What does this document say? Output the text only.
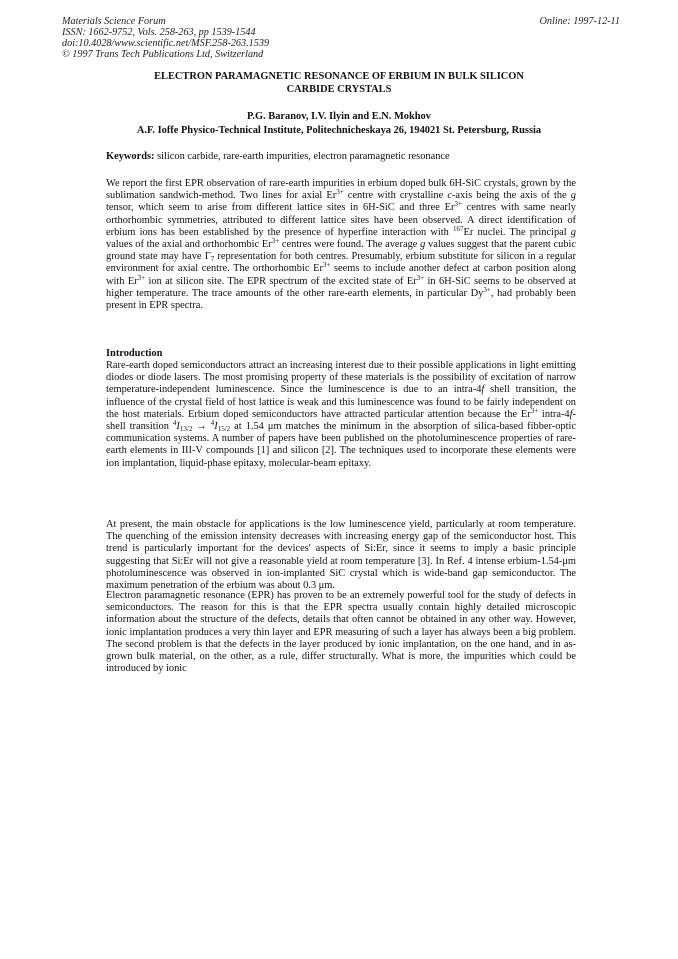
Materials Science Forum
ISSN: 1662-9752, Vols. 258-263, pp 1539-1544
doi:10.4028/www.scientific.net/MSF.258-263.1539
© 1997 Trans Tech Publications Ltd, Switzerland
Online: 1997-12-11
ELECTRON PARAMAGNETIC RESONANCE OF ERBIUM IN BULK SILICON
CARBIDE CRYSTALS
P.G. Baranov, I.V. Ilyin and E.N. Mokhov
A.F. Ioffe Physico-Technical Institute, Politechnicheskaya 26, 194021 St. Petersburg, Russia
Keywords: silicon carbide, rare-earth impurities, electron paramagnetic resonance
We report the first EPR observation of rare-earth impurities in erbium doped bulk 6H-SiC crystals, grown by the sublimation sandwich-method. Two lines for axial $Er^{3+}$ centre with crystalline c-axis being the axis of the g tensor, which seem to arise from different lattice sites in 6H-SiC and three $Er^{3+}$ centres with same nearly orthorhombic symmetries, attributed to different lattice sites have been observed. A direct identification of erbium ions has been established by the presence of hyperfine interaction with $^{167}$Er nuclei. The principal g values of the axial and orthorhombic $Er^{3+}$ centres were found. The average g values suggest that the parent cubic ground state may have $\Gamma_7$ representation for both centres. Presumably, erbium substitute for silicon in a regular environment for axial centre. The orthorhombic $Er^{3+}$ seems to include another defect at carbon position along with $Er^{3+}$ ion at silicon site. The EPR spectrum of the excited state of $Er^{3+}$ in 6H-SiC seems to be observed at higher temperature. The trace amounts of the other rare-earth elements, in particular $Dy^{3+}$, had probably been present in EPR spectra.
Introduction
Rare-earth doped semiconductors attract an increasing interest due to their possible applications in light emitting diodes or diode lasers. The most promising property of these materials is the possibility of excitation of narrow temperature-independent luminescence. Since the luminescence is due to an intra-4f shell transition, the influence of the crystal field of host lattice is weak and this luminescence was found to be fairly independent on the host materials. Erbium doped semiconductors have attracted particular attention because the $Er^{3+}$ intra-4f-shell transition $^4I_{13/2} \to ^4I_{15/2}$ at 1.54 μm matches the minimum in the absorption of silica-based fibber-optic communication systems. A number of papers have been published on the photoluminescence properties of rare-earth elements in III-V compounds [1] and silicon [2]. The techniques used to incorporate these elements were ion implantation, liquid-phase epitaxy, molecular-beam epitaxy.
At present, the main obstacle for applications is the low luminescence yield, particularly at room temperature. The quenching of the emission intensity decreases with increasing energy gap of the semiconductor host. This trend is particularly important for the devices' aspects of Si:Er, since it seems to imply a basic principle suggesting that Si:Er will not give a reasonable yield at room temperature [3]. In Ref. 4 intense erbium-1.54-μm photoluminescence was observed in ion-implanted SiC crystal which is wide-band gap semiconductor. The maximum penetration of the erbium was about 0.3 μm.
Electron paramagnetic resonance (EPR) has proven to be an extremely powerful tool for the study of defects in semiconductors. The reason for this is that the EPR spectra usually contain highly detailed microscopic information about the structure of the defects, details that often cannot be obtained in any other way. However, ionic implantation produces a very thin layer and EPR measuring of such a layer has always been a big problem. The second problem is that the defects in the layer produced by ionic implantation, on the one hand, and in as-grown bulk material, on the other, as a rule, differ structurally. What is more, the impurities which could be introduced by ionic
